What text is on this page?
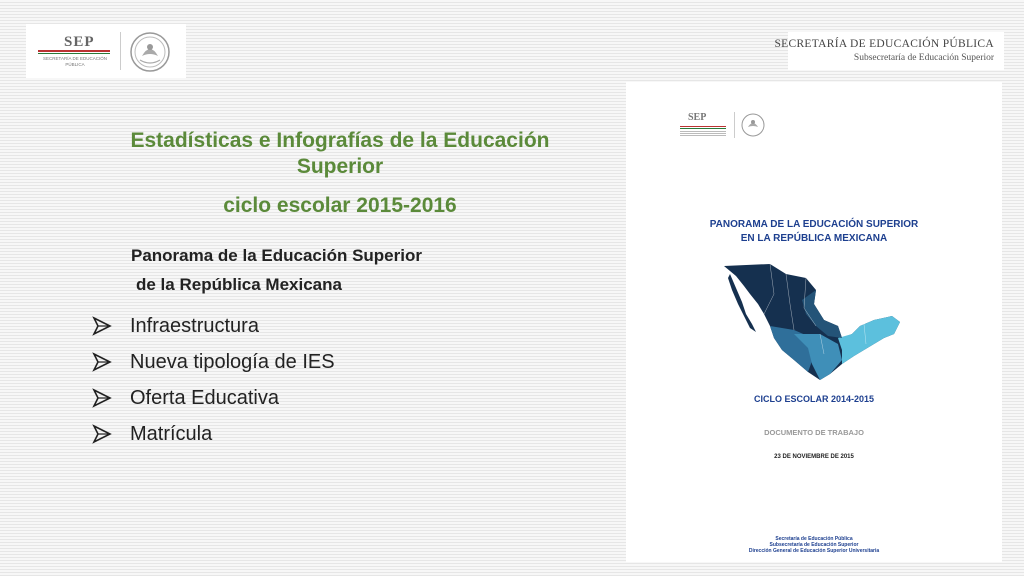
SEP
SECRETARÍA DE EDUCACIÓN PÚBLICA
SECRETARÍA DE EDUCACIÓN PÚBLICA
Subsecretaría de Educación Superior
Estadísticas e Infografías de la Educación Superior
ciclo escolar 2015-2016
Panorama de la Educación Superior
de la República Mexicana
Infraestructura
Nueva tipología de IES
Oferta Educativa
Matrícula
SEP
PANORAMA DE LA EDUCACIÓN SUPERIOR
EN LA REPÚBLICA MEXICANA
CICLO ESCOLAR 2014-2015
DOCUMENTO DE TRABAJO
23 DE NOVIEMBRE DE 2015
Secretaría de Educación Pública
Subsecretaría de Educación Superior
Dirección General de Educación Superior Universitaria
